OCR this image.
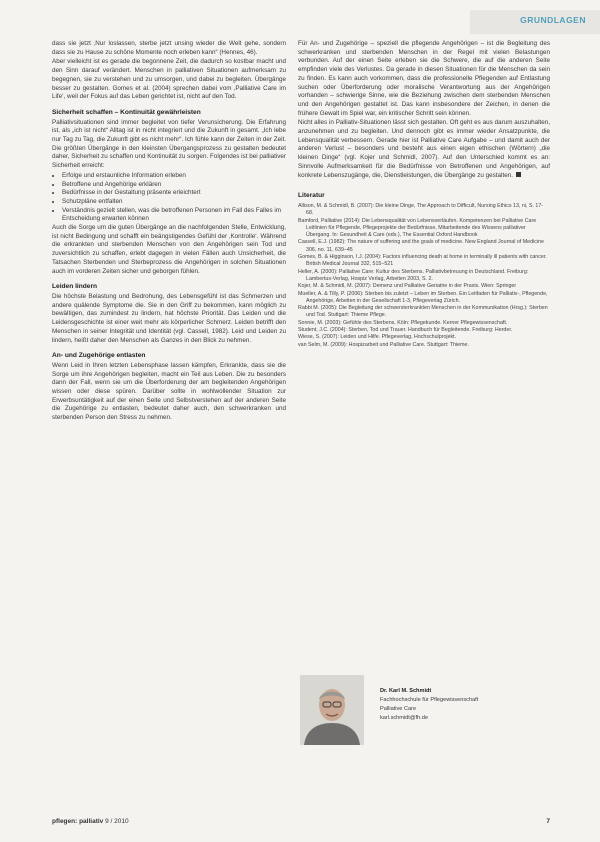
GRUNDLAGEN

dass sie jetzt ‚Nur loslassen, sterbe jetzt unsing wieder die Welt gehe, sondern dass sie zu Hause zu schöne Momente noch erleben kann“ (Hennes, 46).

Aber vielleicht ist es gerade die begonnene Zeit, die dadurch so kostbar macht und den Sinn darauf verändert. Menschen in palliativen Situationen aufmerksam zu begegnen, sie zu verstehen und zu umsorgen, und dabei zu begleiten. Übergänge besser zu gestalten. Gomes et al. (2004) sprechen dabei vom ‚Palliative Care im Life‘, weil der Fokus auf das Leben gerichtet ist, nicht auf den Tod.

Sicherheit schaffen – Kontinuität gewährleisten

Palliativsituationen sind immer begleitet von tiefer Verunsicherung. Die Erfahrung ist, als „ich ist nicht“ Alltag ist in nicht integriert und die Zukunft in gesamt. „Ich lebe nur Tag zu Tag, die Zukunft gibt es nicht mehr“. Ich fühle kann der Zeiten in der Zeit. Die größten Übergänge in den kleinsten Übergangsprozess zu gestalten bedeutet daher, Sicherheit zu schaffen und Kontinuität zu sorgen. Folgendes ist bei palliativer Sicherheit erreicht:

• Erfolge und erstaunliche Information erleben
• Betroffene und Angehörige erklären
• Bedürfnisse in der Gestaltung präsente erleichtert
• Schutzpläne entfalten
• Verständnis gezielt stellen, was die betroffenen Personen im Fall des Falles im Entscheidung erwarten können

Auch die Sorge um die guten Übergänge an die nachfolgenden Stelle, Entwicklung, ist nicht Bedingung und schafft ein beängstigendes Gefühl der ‚Kontrolle‘. Während die erkrankten und sterbenden Menschen von den Angehörigen sein Tod und zuversichtlich zu schaffen, erlebt dagegen in vielen Fällen auch Unsicherheit, die Tatsachen Sterbenden und Sterbeprozess die Angehörigen in solchen Situationen auch im vorderen Zeiten sicher und geborgen fühlen.

Leiden lindern

Die höchste Belastung und Bedrohung, des Lebensgefühl ist das Schmerzen und andere quälende Symptome die. Sie in den Griff zu bekommen, kann möglich zu bewältigen, das zumindest zu lindern, hat höchste Priorität. Das Leiden und die Leidensgeschichte ist einer weit mehr als körperlicher Schmerz. Leiden betrifft den Menschen in seiner Integrität und Identität (vgl. Cassell, 1982). Leid und Leiden zu lindern, heißt daher den Menschen als Ganzes in den Blick zu nehmen.

An- und Zugehörige entlasten

Wenn Leid in Ihren letzten Lebensphase lassen kämpfen, Erkrankte, dass sie die Sorge um ihre Angehörigen begleiten, macht ein Teil aus Leben. Die zu besonders dann der Fall, wenn sie um die Überforderung der am begleitenden Angehörigen wissen oder diese spüren. Darüber sollte in wohlwollender Situation zur Erwerbsuntätigkeit auf der einen Seite und Selbstverstehen auf der anderen Seite die Zugehörige zu entlasten, bedeutet daher auch, den schwerkranken und sterbenden Person den Stress zu nehmen.

Für An- und Zugehörige – speziell die pflegende Angehörigen – ist die Begleitung des schwerkranken und sterbenden Menschen in der Regel mit vielen Belastungen verbunden. Auf der einen Seite erleben sie die Schwere, die auf die anderen Seite empfinden viele des Verlustes. Da gerade in diesen Situationen für die Menschen da sein zu finden. Es kann auch vorkommen, dass die professionelle Pflegenden auf Entlastung suchen oder Überforderung oder moralische Verantwortung aus der Angehörigen vorhanden – schwierige Sinne, wie die Beziehung zwischen dem sterbenden Menschen und den Angehörigen gestaltet ist. Das kann insbesondere der Zeichen, in denen die frühere Gewalt im Spiel war, ein kritischer Schritt sein können.

Nicht alles in Palliativ-Situationen lässt sich gestalten. Oft geht es aus darum auszuhalten, anzunehmen und zu begleiten. Und dennoch gibt es immer wieder Ansatzpunkte, die Lebensqualität verbessern. Gerade hier ist Palliative Care Aufgabe – und damit auch der anderen Verlust – besonders und besteht aus einen eigen ethischen (Wörtern) „die kleinen Dinge“ (vgl. Kojer und Schmidl, 2007). Auf den Unterschied kommt es an: Sinnvolle Aufmerksamkeit für die Bedürfnisse von Betroffenen und Angehörigen, auf konkrete Lebenszugänge, die, Dienstleistungen, die Übergänge zu gestalten.

Literatur

Allison, M. & Schmidl, B. (2007): Die kleine Dinge, The Approach to Difficult, Nursing Ethics 13, ni, S. 17-68.

Bamford, Palliative (2014): Die Lebensqualität von Lebensverläufen. Kompetenzen bei Palliative Care Leitlinien für Pflegende, Pflegeprojekte der Bedürfnisse, Mitarbeitende des Wissens palliativer Übergang. In: Gesundheit & Care (eds.), The Essential Oxford Handbook

Cassell, E.J. (1982): The nature of suffering and the goals of medicine. New England Journal of Medicine 306, no. 11, 639–45

Gomes, B. & Higginson, I.J. (2004): Factors influencing death at home in terminally ill patients with cancer. British Medical Journal 332, 515–521

Heller, A. (2000): Palliative Care: Kultur des Sterbens. Palliativbetreuung in Deutschland. Freiburg: Lambertus-Verlag, Hospiz Verlag, Arbeiten 2003, S. 2.

Kojer, M. & Schmidl, M. (2007): Demenz und Palliative Geriatrie in der Praxis. Wien: Springer

Mueller, A. & Tilly, P. (2006): Sterben bis zuletzt – Leben im Sterben. Ein Leitfaden für Palliativ-, Pflegende, Angehörige, Arbeiten in der Gesellschaft 1-3, Pflegeverlag Zürich.

Rabbi M. (2005): Die Begleitung der schwersterkrankten Menschen in der Kommunikation (Hrsg.): Sterben und Tod. Stuttgart: Thieme Pflege.

Sonnie, M. (2003): Gefühle des Sterbens, Köln: Pflegekunde. Kerner Pflegewissenschaft.

Student, J.C. (2004): Sterben, Tod und Trauer. Handbuch für Begleitende. Freiburg: Herder.

Wiese, S. (2007): Leiden und Hilfe. Pflegeverlag, Hochschulprojekt.

van Selm, M. (2009): Hospizarbeit und Palliative Care. Stuttgart: Thieme.

Dr. Karl M. Schmidt
Fachhochschule für Pflegewissenschaft
Palliative Care
karl.schmidt@fh.de
pflegen: palliativ 9 / 2010	7
